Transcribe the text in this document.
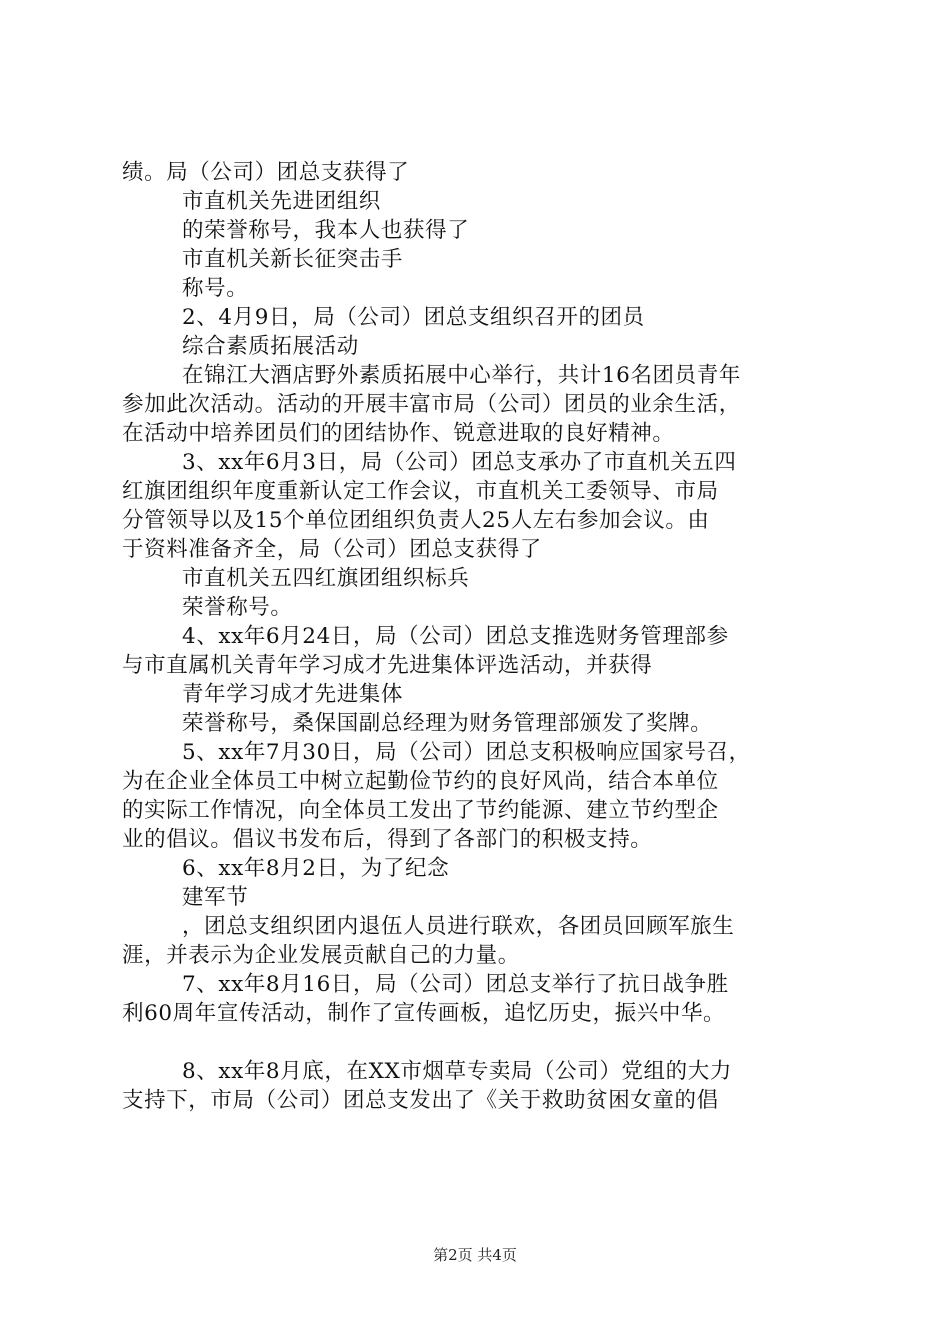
绩。局（公司）团总支获得了
市直机关先进团组织
的荣誉称号，我本人也获得了
市直机关新长征突击手
称号。
2、4月9日，局（公司）团总支组织召开的团员
综合素质拓展活动
在锦江大酒店野外素质拓展中心举行，共计16名团员青年
参加此次活动。活动的开展丰富市局（公司）团员的业余生活，
在活动中培养团员们的团结协作、锐意进取的良好精神。
3、xx年6月3日，局（公司）团总支承办了市直机关五四
红旗团组织年度重新认定工作会议，市直机关工委领导、市局
分管领导以及15个单位团组织负责人25人左右参加会议。由
于资料准备齐全，局（公司）团总支获得了
市直机关五四红旗团组织标兵
荣誉称号。
4、xx年6月24日，局（公司）团总支推选财务管理部参
与市直属机关青年学习成才先进集体评选活动，并获得
青年学习成才先进集体
荣誉称号，桑保国副总经理为财务管理部颁发了奖牌。
5、xx年7月30日，局（公司）团总支积极响应国家号召，
为在企业全体员工中树立起勤俭节约的良好风尚，结合本单位
的实际工作情况，向全体员工发出了节约能源、建立节约型企
业的倡议。倡议书发布后，得到了各部门的积极支持。
6、xx年8月2日，为了纪念
建军节
，团总支组织团内退伍人员进行联欢，各团员回顾军旅生
涯，并表示为企业发展贡献自己的力量。
7、xx年8月16日，局（公司）团总支举行了抗日战争胜
利60周年宣传活动，制作了宣传画板，追忆历史，振兴中华。
8、xx年8月底，在XX市烟草专卖局（公司）党组的大力
支持下，市局（公司）团总支发出了《关于救助贫困女童的倡
第2页 共4页
